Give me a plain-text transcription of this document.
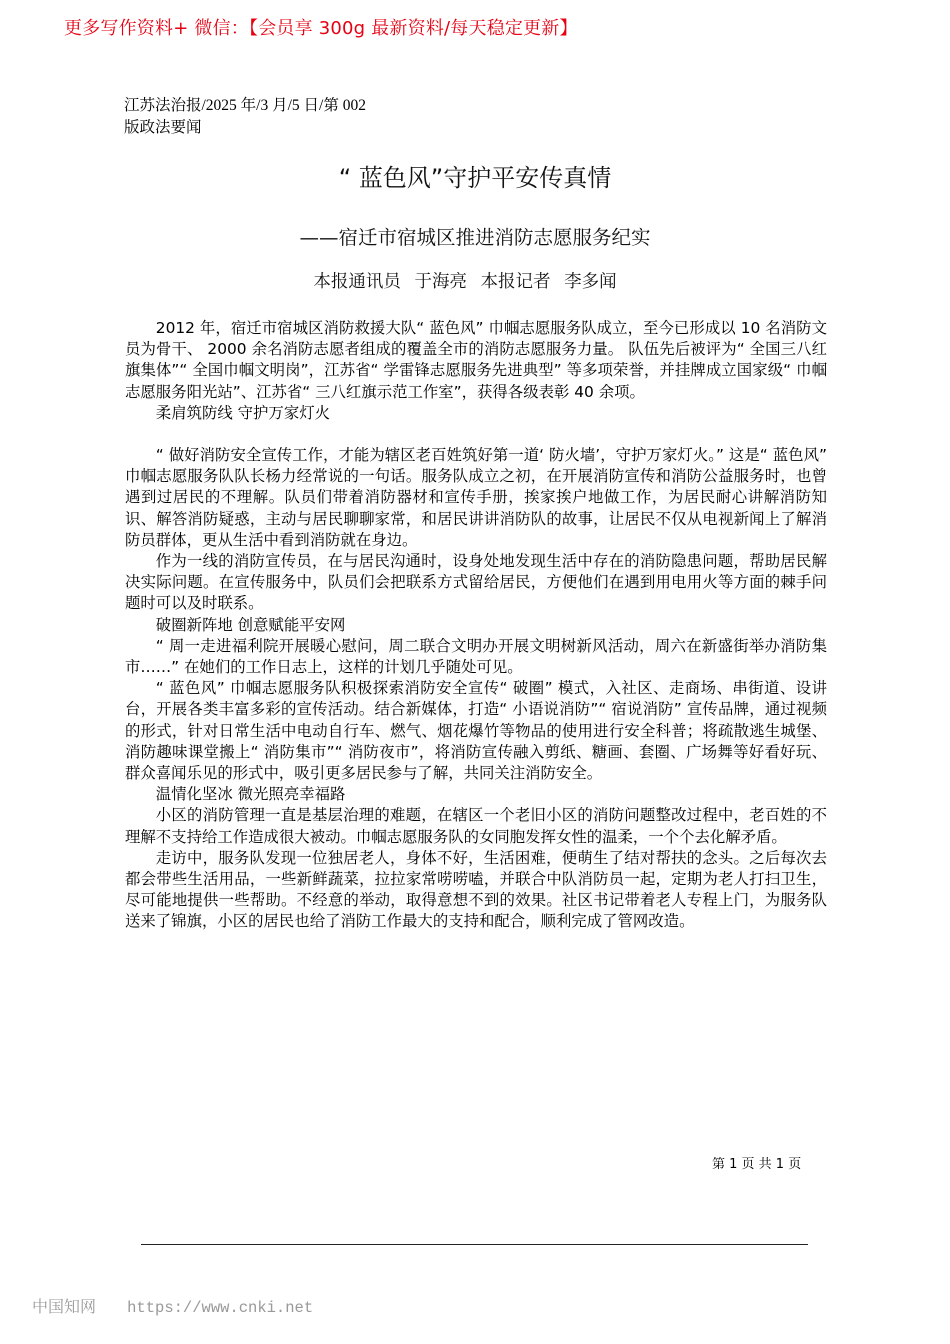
更多写作资料+ 微信：【会员享 300g 最新资料/每天稳定更新】
江苏法治报/2025 年/3 月/5 日/第 002
版政法要闻
“ 蓝色风”守护平安传真情
——宿迁市宿城区推进消防志愿服务纪实
本报通讯员 于海亮 本报记者 李多闻

2012 年，宿迁市宿城区消防救援大队“ 蓝色风” 巾帼志愿服务队成立，至今已形成以 10 名消防文员为骨干、 2000 余名消防志愿者组成的覆盖全市的消防志愿服务力量。 队伍先后被评为“ 全国三八红旗集体”“ 全国巾帼文明岗”，江苏省“ 学雷锋志愿服务先进典型” 等多项荣誉，并挂牌成立国家级“ 巾帼志愿服务阳光站”、江苏省“ 三八红旗示范工作室”，获得各级表彰 40 余项。

柔肩筑防线 守护万家灯火

“ 做好消防安全宣传工作，才能为辖区老百姓筑好第一道‘ 防火墙’，守护万家灯火。” 这是“ 蓝色风” 巾帼志愿服务队队长杨力经常说的一句话。服务队成立之初，在开展消防宣传和消防公益服务时，也曾遇到过居民的不理解。队员们带着消防器材和宣传手册，挨家挨户地做工作，为居民耐心讲解消防知识、解答消防疑惑，主动与居民聊聊家常，和居民讲讲消防队的故事，让居民不仅从电视新闻上了解消防员群体，更从生活中看到消防就在身边。

作为一线的消防宣传员，在与居民沟通时，设身处地发现生活中存在的消防隐患问题，帮助居民解决实际问题。在宣传服务中，队员们会把联系方式留给居民，方便他们在遇到用电用火等方面的棘手问题时可以及时联系。

破圈新阵地 创意赋能平安网

“ 周一走进福利院开展暖心慰问，周二联合文明办开展文明树新风活动，周六在新盛街举办消防集市……” 在她们的工作日志上，这样的计划几乎随处可见。

“ 蓝色风” 巾帼志愿服务队积极探索消防安全宣传“ 破圈” 模式，入社区、走商场、串街道、设讲台，开展各类丰富多彩的宣传活动。结合新媒体，打造“ 小语说消防”“ 宿说消防” 宣传品牌，通过视频的形式，针对日常生活中电动自行车、燃气、烟花爆竹等物品的使用进行安全科普；将疏散逃生城堡、消防趣味课堂搬上“ 消防集市”“ 消防夜市”，将消防宣传融入剪纸、糖画、套圈、广场舞等好看好玩、群众喜闻乐见的形式中，吸引更多居民参与了解，共同关注消防安全。

温情化坚冰 微光照亮幸福路

小区的消防管理一直是基层治理的难题，在辖区一个老旧小区的消防问题整改过程中，老百姓的不理解不支持给工作造成很大被动。巾帼志愿服务队的女同胞发挥女性的温柔，一个个去化解矛盾。

走访中，服务队发现一位独居老人，身体不好，生活困难，便萌生了结对帮扶的念头。之后每次去都会带些生活用品，一些新鲜蔬菜，拉拉家常唠唠嗑，并联合中队消防员一起，定期为老人打扫卫生，尽可能地提供一些帮助。不经意的举动，取得意想不到的效果。社区书记带着老人专程上门，为服务队送来了锦旗，小区的居民也给了消防工作最大的支持和配合，顺利完成了管网改造。

第 1 页 共 1 页
中国知网 https://www.cnki.net
